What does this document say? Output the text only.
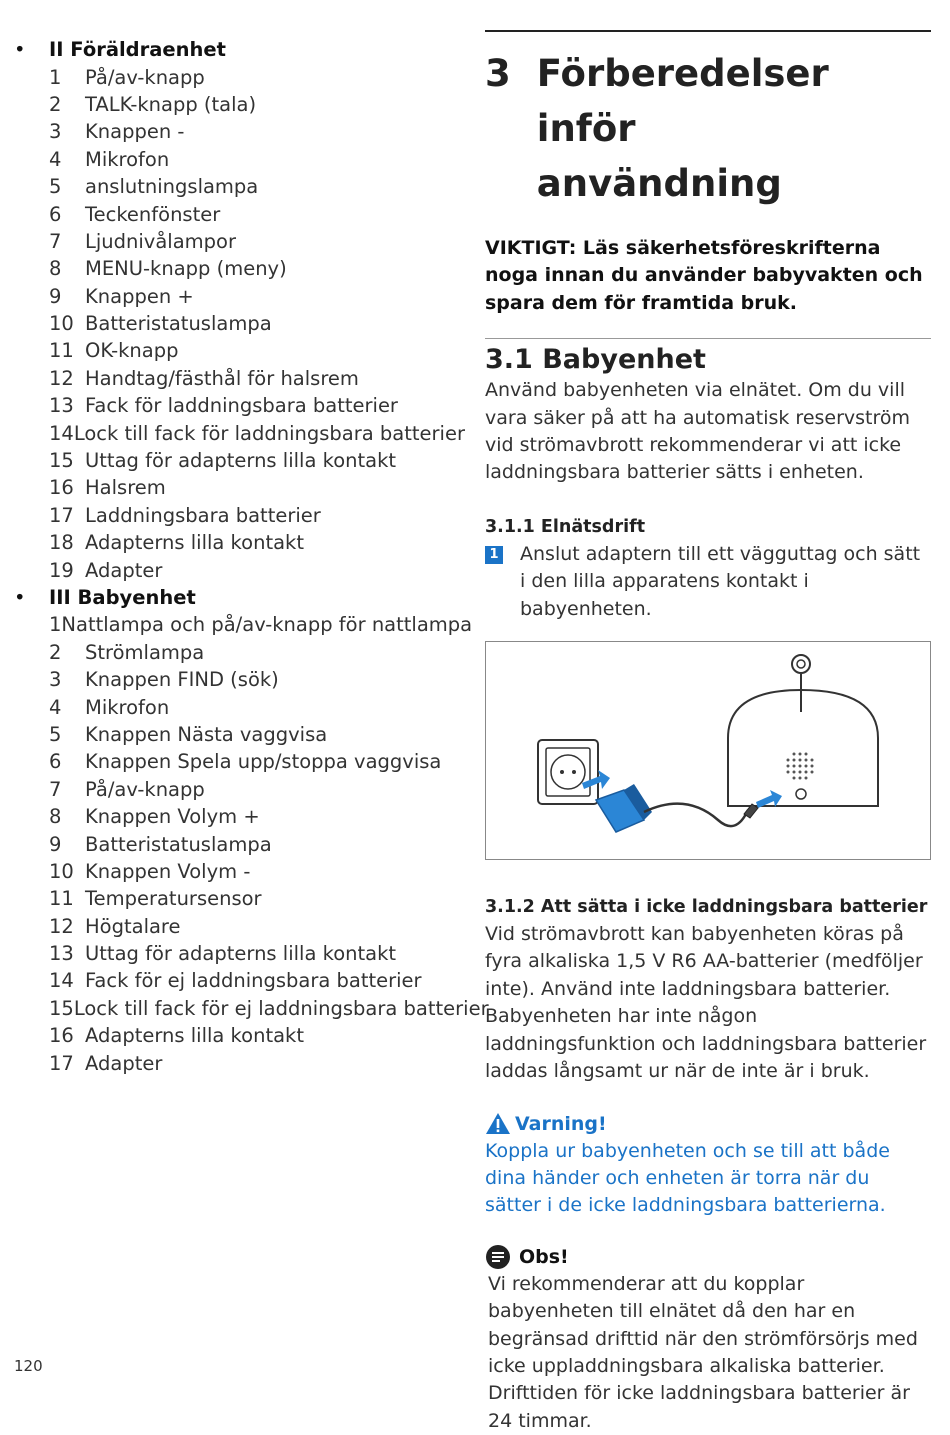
•	II Föräldraenhet
1	På/av-knapp
2	TALK-knapp (tala)
3	Knappen -
4	Mikrofon
5	anslutningslampa
6	Teckenfönster
7	Ljudnivålampor
8	MENU-knapp (meny)
9	Knappen +
10 Batteristatuslampa
11 OK-knapp
12 Handtag/fästhål för halsrem
13 Fack för laddningsbara batterier
14 Lock till fack för laddningsbara batterier
15 Uttag för adapterns lilla kontakt
16 Halsrem
17 Laddningsbara batterier
18 Adapterns lilla kontakt
19 Adapter
•	III Babyenhet
1 Nattlampa och på/av-knapp för nattlampa
2	Strömlampa
3	Knappen FIND (sök)
4	Mikrofon
5	Knappen Nästa vaggvisa
6	Knappen Spela upp/stoppa vaggvisa
7	På/av-knapp
8	Knappen Volym +
9	Batteristatuslampa
10 Knappen Volym -
11 Temperatursensor
12 Högtalare
13 Uttag för adapterns lilla kontakt
14 Fack för ej laddningsbara batterier
15 Lock till fack för ej laddningsbara batterier
16 Adapterns lilla kontakt
17 Adapter
3 Förberedelser inför
användning
VIKTIGT: Läs säkerhetsföreskrifterna noga innan du använder babyvakten och spara dem för framtida bruk.
3.1 Babyenhet
Använd babyenheten via elnätet. Om du vill vara säker på att ha automatisk reservström vid strömavbrott rekommenderar vi att icke laddningsbara batterier sätts i enheten.
3.1.1 Elnätsdrift
1 Anslut adaptern till ett vägguttag och sätt i den lilla apparatens kontakt i babyenheten.
3.1.2 Att sätta i icke laddningsbara batterier
Vid strömavbrott kan babyenheten köras på fyra alkaliska 1,5 V R6 AA-batterier (medföljer inte). Använd inte laddningsbara batterier. Babyenheten har inte någon laddningsfunktion och laddningsbara batterier laddas långsamt ur när de inte är i bruk.
Varning!
Koppla ur babyenheten och se till att både dina händer och enheten är torra när du sätter i de icke laddningsbara batterierna.
Obs!
Vi rekommenderar att du kopplar babyenheten till elnätet då den har en begränsad drifttid när den strömförsörjs med icke uppladdningsbara alkaliska batterier. Drifttiden för icke laddningsbara batterier är 24 timmar.
120
